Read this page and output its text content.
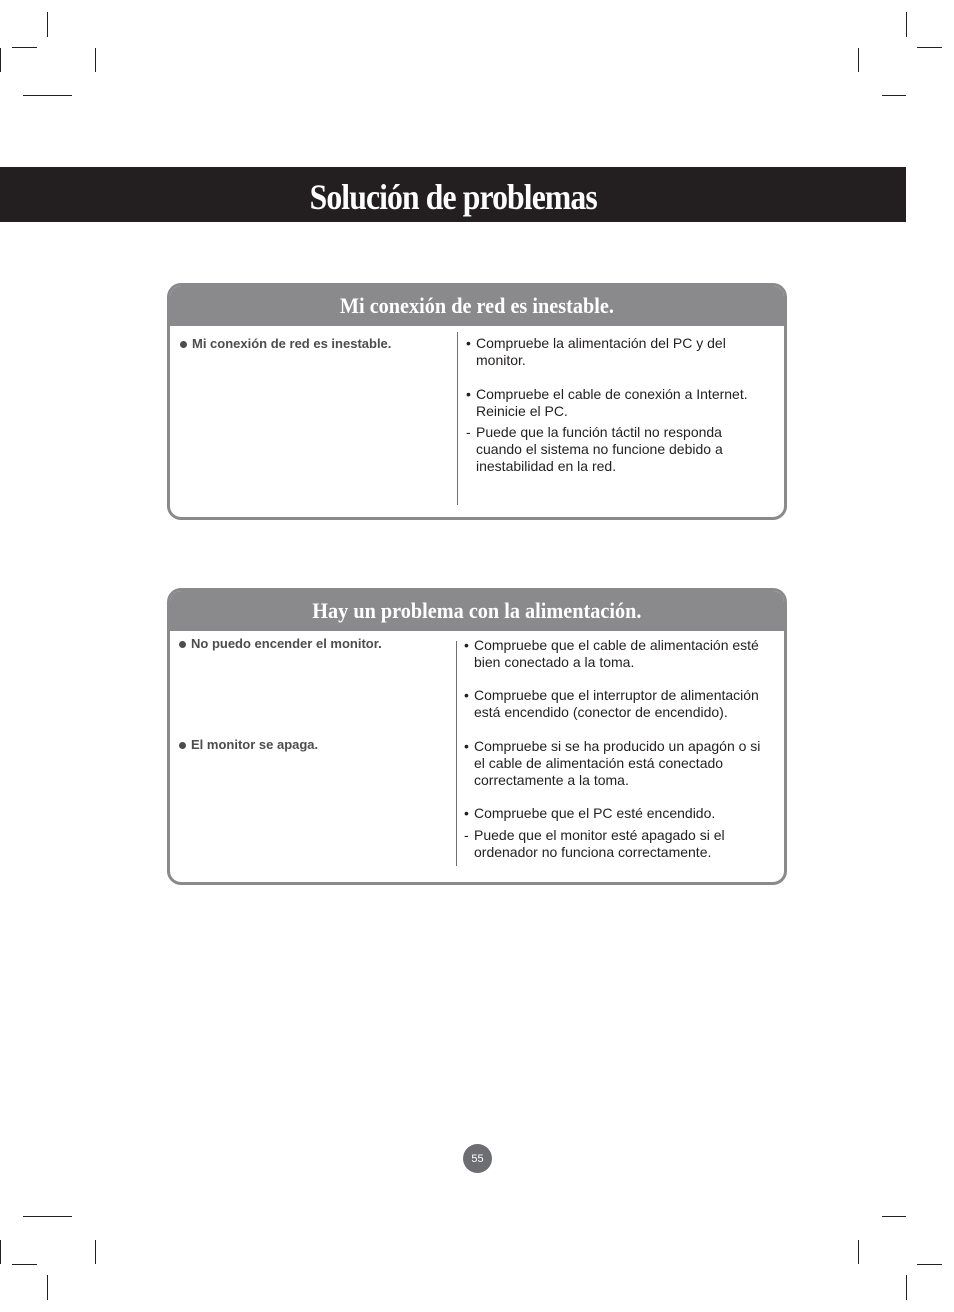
Solución de problemas
Mi conexión de red es inestable.
Mi conexión de red es inestable.	• Compruebe la alimentación del PC y del monitor.
• Compruebe el cable de conexión a Internet. Reinicie el PC.
- Puede que la función táctil no responda cuando el sistema no funcione debido a inestabilidad en la red.
Hay un problema con la alimentación.
No puedo encender el monitor.
El monitor se apaga.
• Compruebe que el cable de alimentación esté bien conectado a la toma.
• Compruebe que el interruptor de alimentación está encendido (conector de encendido).
• Compruebe si se ha producido un apagón o si el cable de alimentación está conectado correctamente a la toma.
• Compruebe que el PC esté encendido.
- Puede que el monitor esté apagado si el ordenador no funciona correctamente.
55
